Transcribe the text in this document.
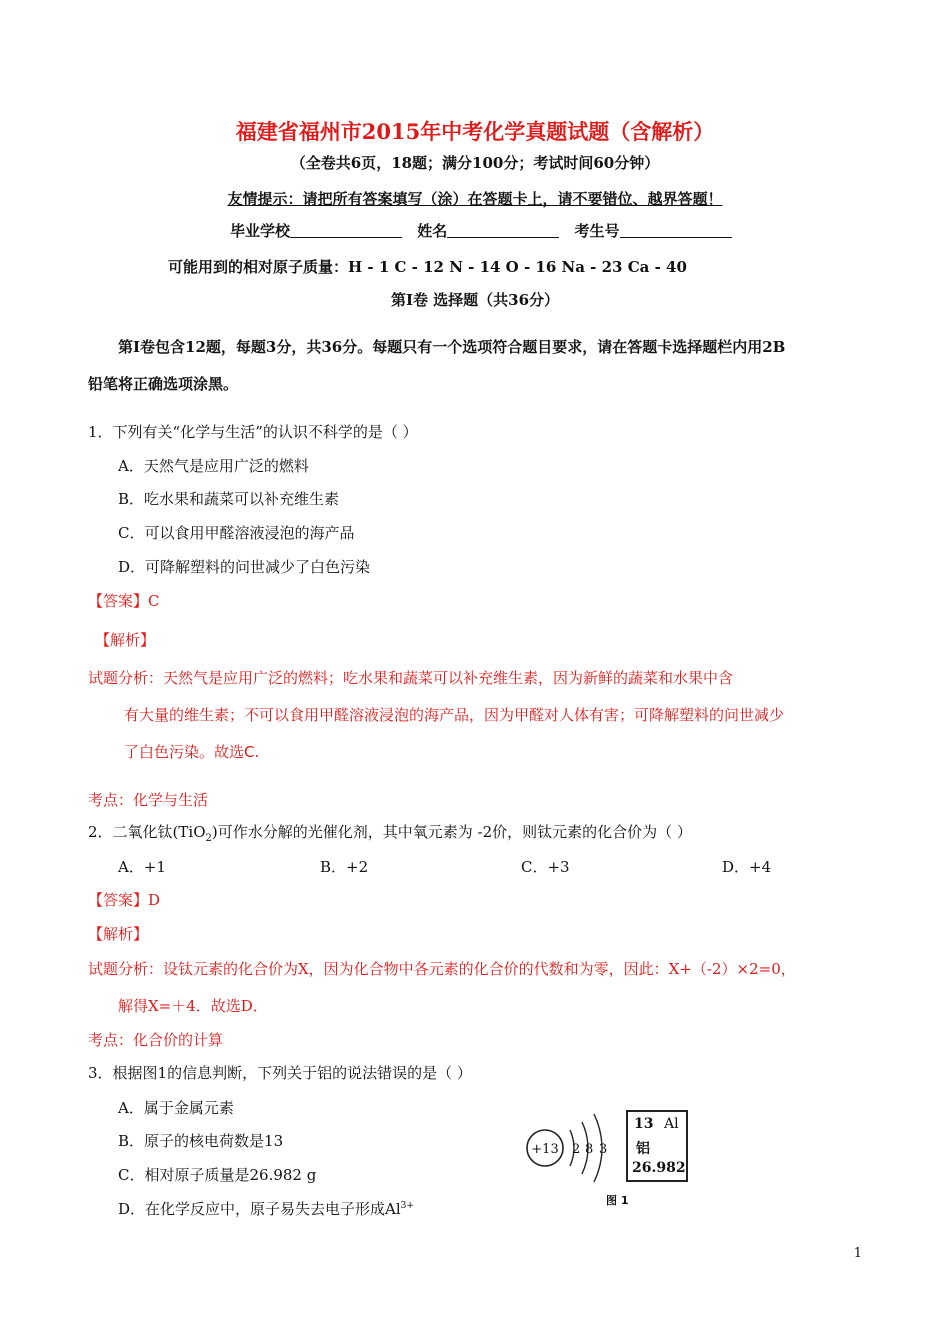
福建省福州市2015年中考化学真题试题（含解析）
（全卷共6页，18题；满分100分；考试时间60分钟）
友情提示：请把所有答案填写（涂）在答题卡上，请不要错位、越界答题！
毕业学校	姓名	考生号
可能用到的相对原子质量：H - 1 C - 12 N - 14 O - 16 Na - 23 Ca - 40
第Ⅰ卷 选择题（共36分）
第Ⅰ卷包含12题，每题3分，共36分。每题只有一个选项符合题目要求，请在答题卡选择题栏内用2B
铅笔将正确选项涂黑。
1．下列有关“化学与生活”的认识不科学的是（ ）
A．天然气是应用广泛的燃料
B．吃水果和蔬菜可以补充维生素
C．可以食用甲醛溶液浸泡的海产品
D．可降解塑料的问世减少了白色污染
【答案】C
【解析】
试题分析：天然气是应用广泛的燃料；吃水果和蔬菜可以补充维生素，因为新鲜的蔬菜和水果中含
有大量的维生素；不可以食用甲醛溶液浸泡的海产品，因为甲醛对人体有害；可降解塑料的问世减少
了白色污染。故选C.
考点：化学与生活
2．二氧化钛(TiO$_2$)可作水分解的光催化剂，其中氧元素为 -2价，则钛元素的化合价为（ ）
A．+1	B．+2	C．+3	D．+4
【答案】D
【解析】
试题分析：设钛元素的化合价为X，因为化合物中各元素的化合价的代数和为零，因此：X+（-2）×2=0，
解得X=＋4．故选D．
考点：化合价的计算
3．根据图1的信息判断，下列关于铝的说法错误的是（ ）
A．属于金属元素
B．原子的核电荷数是13
C．相对原子质量是26.982 g
D．在化学反应中，原子易失去电子形成$Al^{3+}$
+13 2 8 3
图 1
13 Al
铝
26.982
1
